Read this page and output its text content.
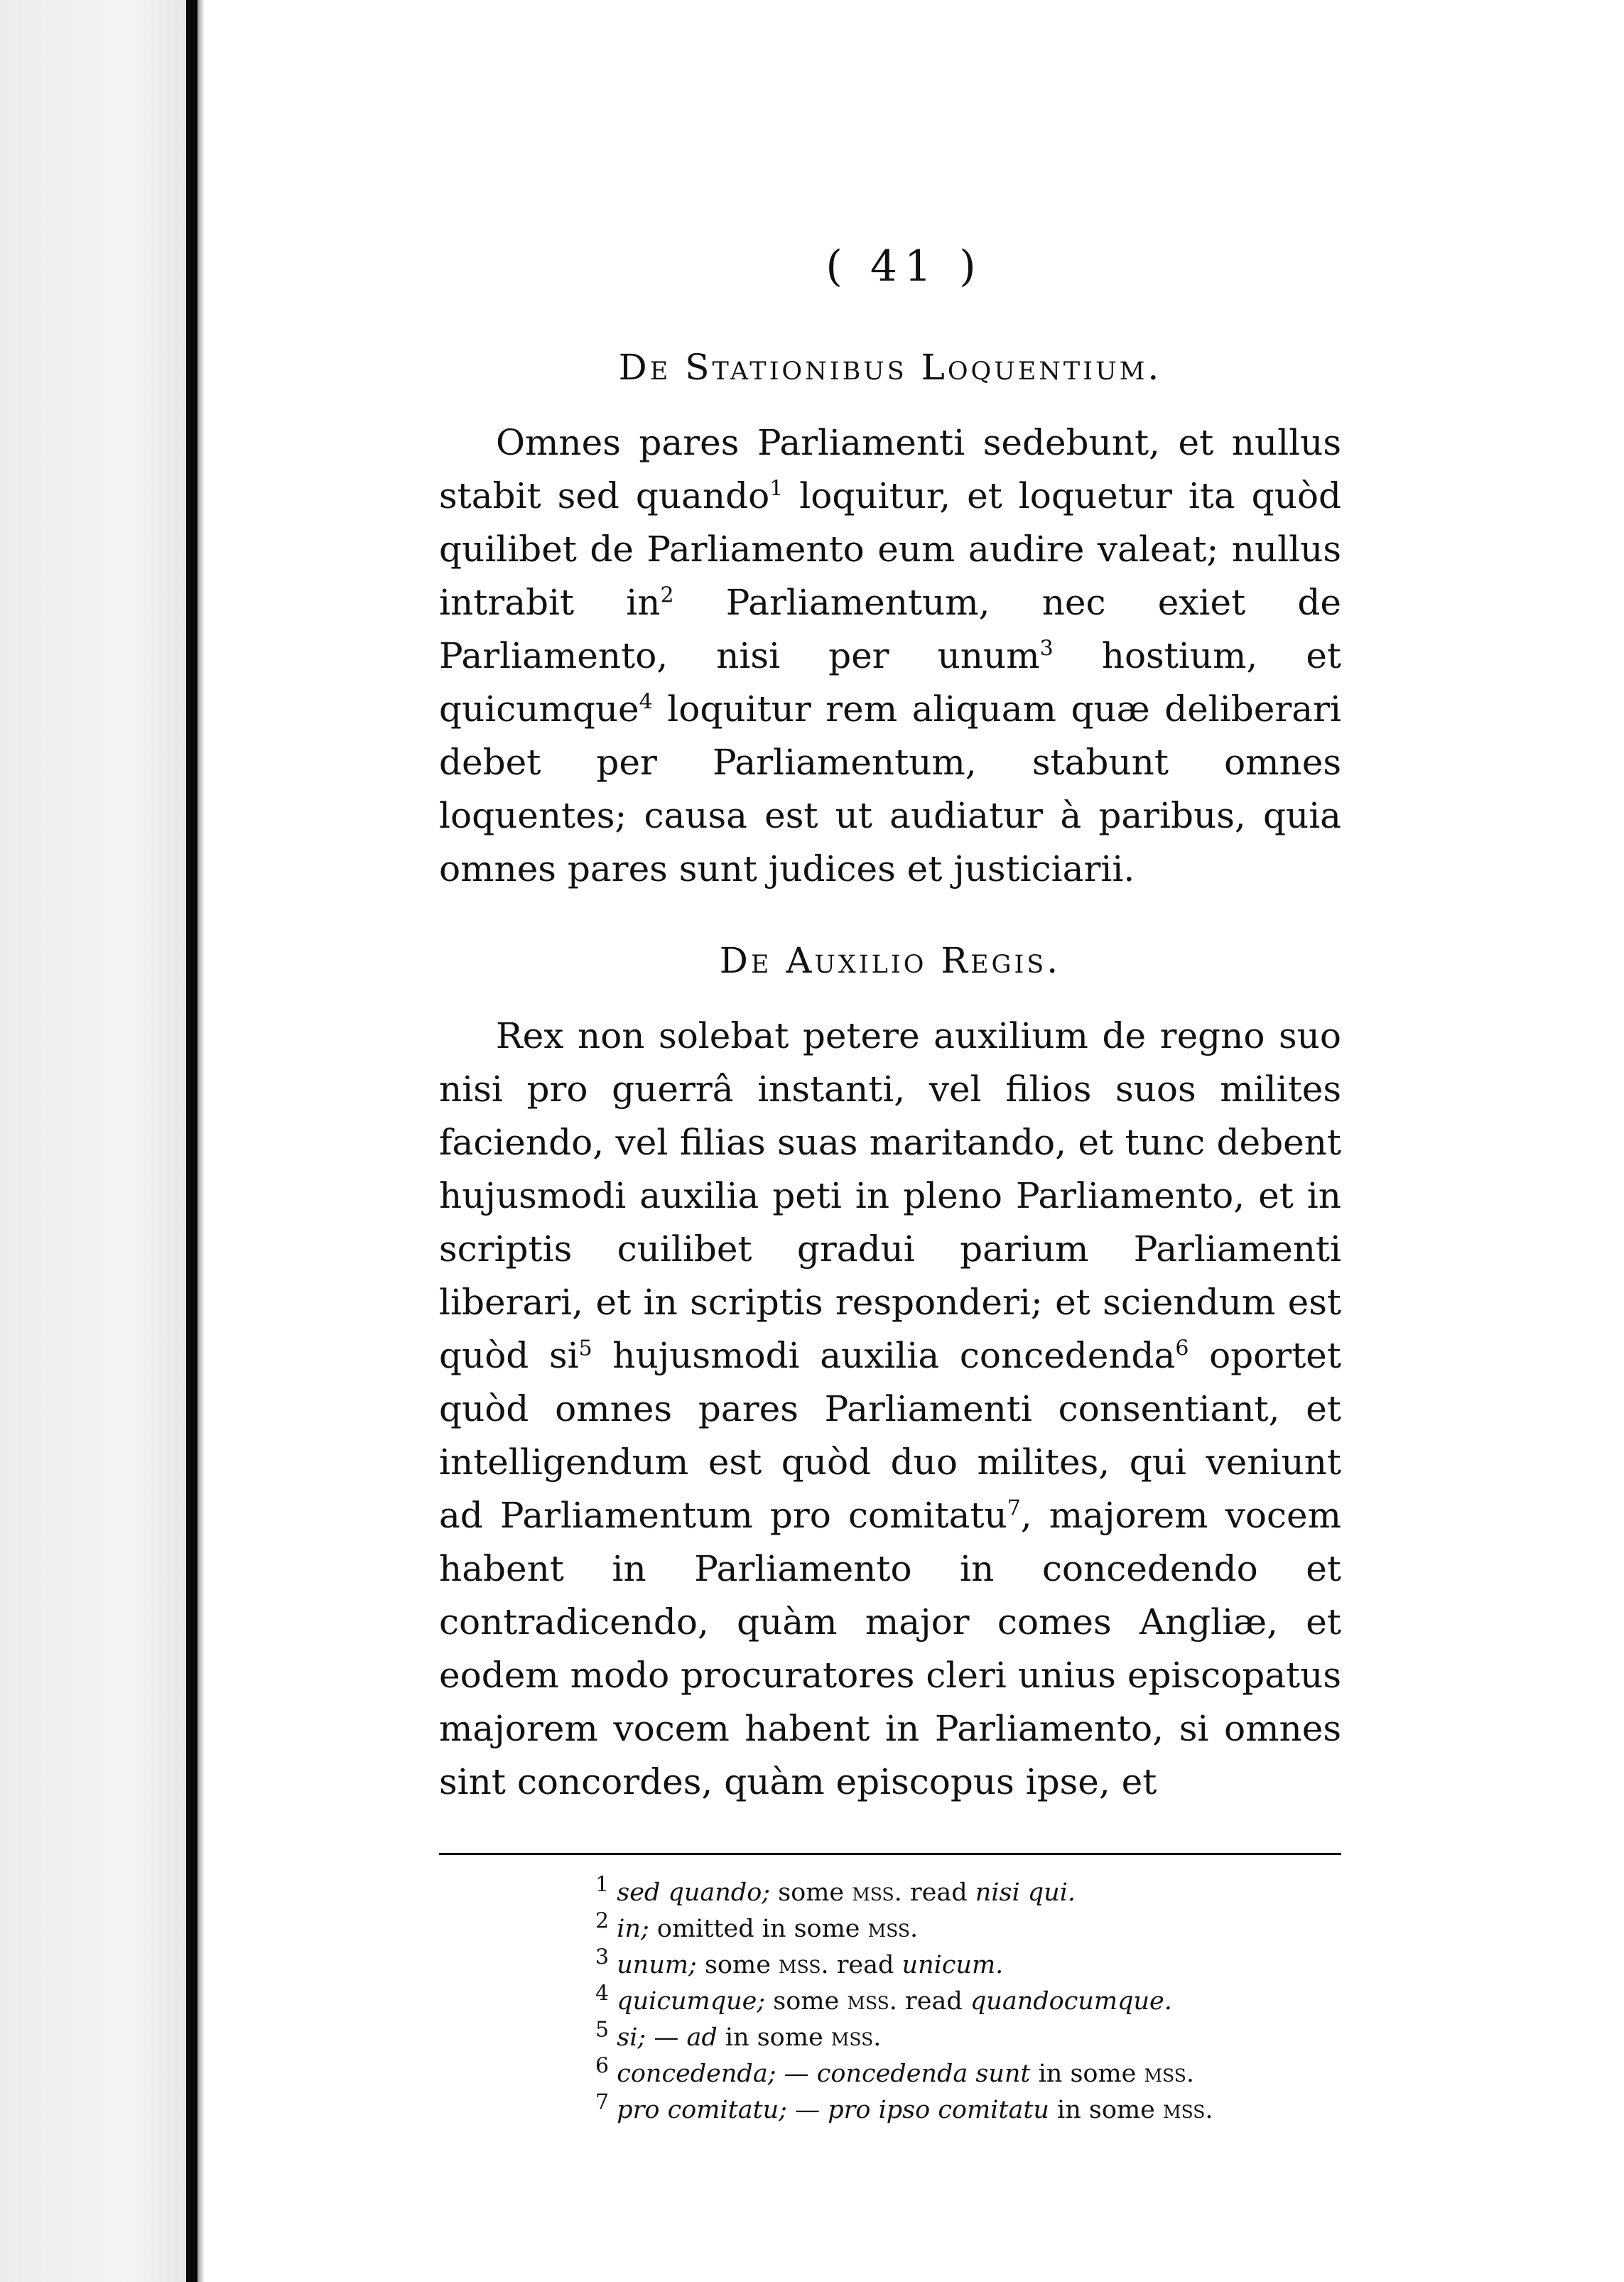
( 41 )
De Stationibus Loquentium.

Omnes pares Parliamenti sedebunt, et nullus stabit sed quando$^1$ loquitur, et loquetur ita quòd quilibet de Parliamento eum audire valeat; nullus intrabit $in^2$ Parliamentum, nec exiet de Parliamento, nisi per unum$^3$ hostium, et quicumque$^4$ loquitur rem aliquam quæ deliberari debet per Parliamentum, stabunt omnes loquentes; causa est ut audiatur à paribus, quia omnes pares sunt judices et justiciarii.

De Auxilio Regis.

Rex non solebat petere auxilium de regno suo nisi pro guerrâ instanti, vel filios suos milites faciendo, vel filias suas maritando, et tunc debent hujusmodi auxilia peti in pleno Parliamento, et in scriptis cuilibet gradui parium Parliamenti liberari, et in scriptis responderi; et sciendum est quòd $si^5$ hujusmodi auxilia concedenda$^6$ oportet quòd omnes pares Parliamenti consentiant, et intelligendum est quòd duo milites, qui veniunt ad Parliamentum pro comitatu$^7$, majorem vocem habent in Parliamento in concedendo et contradicendo, quàm major comes Angliæ, et eodem modo procuratores cleri unius episcopatus majorem vocem habent in Parliamento, si omnes sint concordes, quàm episcopus ipse, et

$^1$ sed quando; some mss. read nisi qui.
$^2$ in; omitted in some mss.
$^3$ unum; some mss. read unicum.
$^4$ quicumque; some mss. read quandocumque.
$^5$ si; — ad in some mss.
$^6$ concedenda; — concedenda sunt in some mss.
$^7$ pro comitatu; — pro ipso comitatu in some mss.
